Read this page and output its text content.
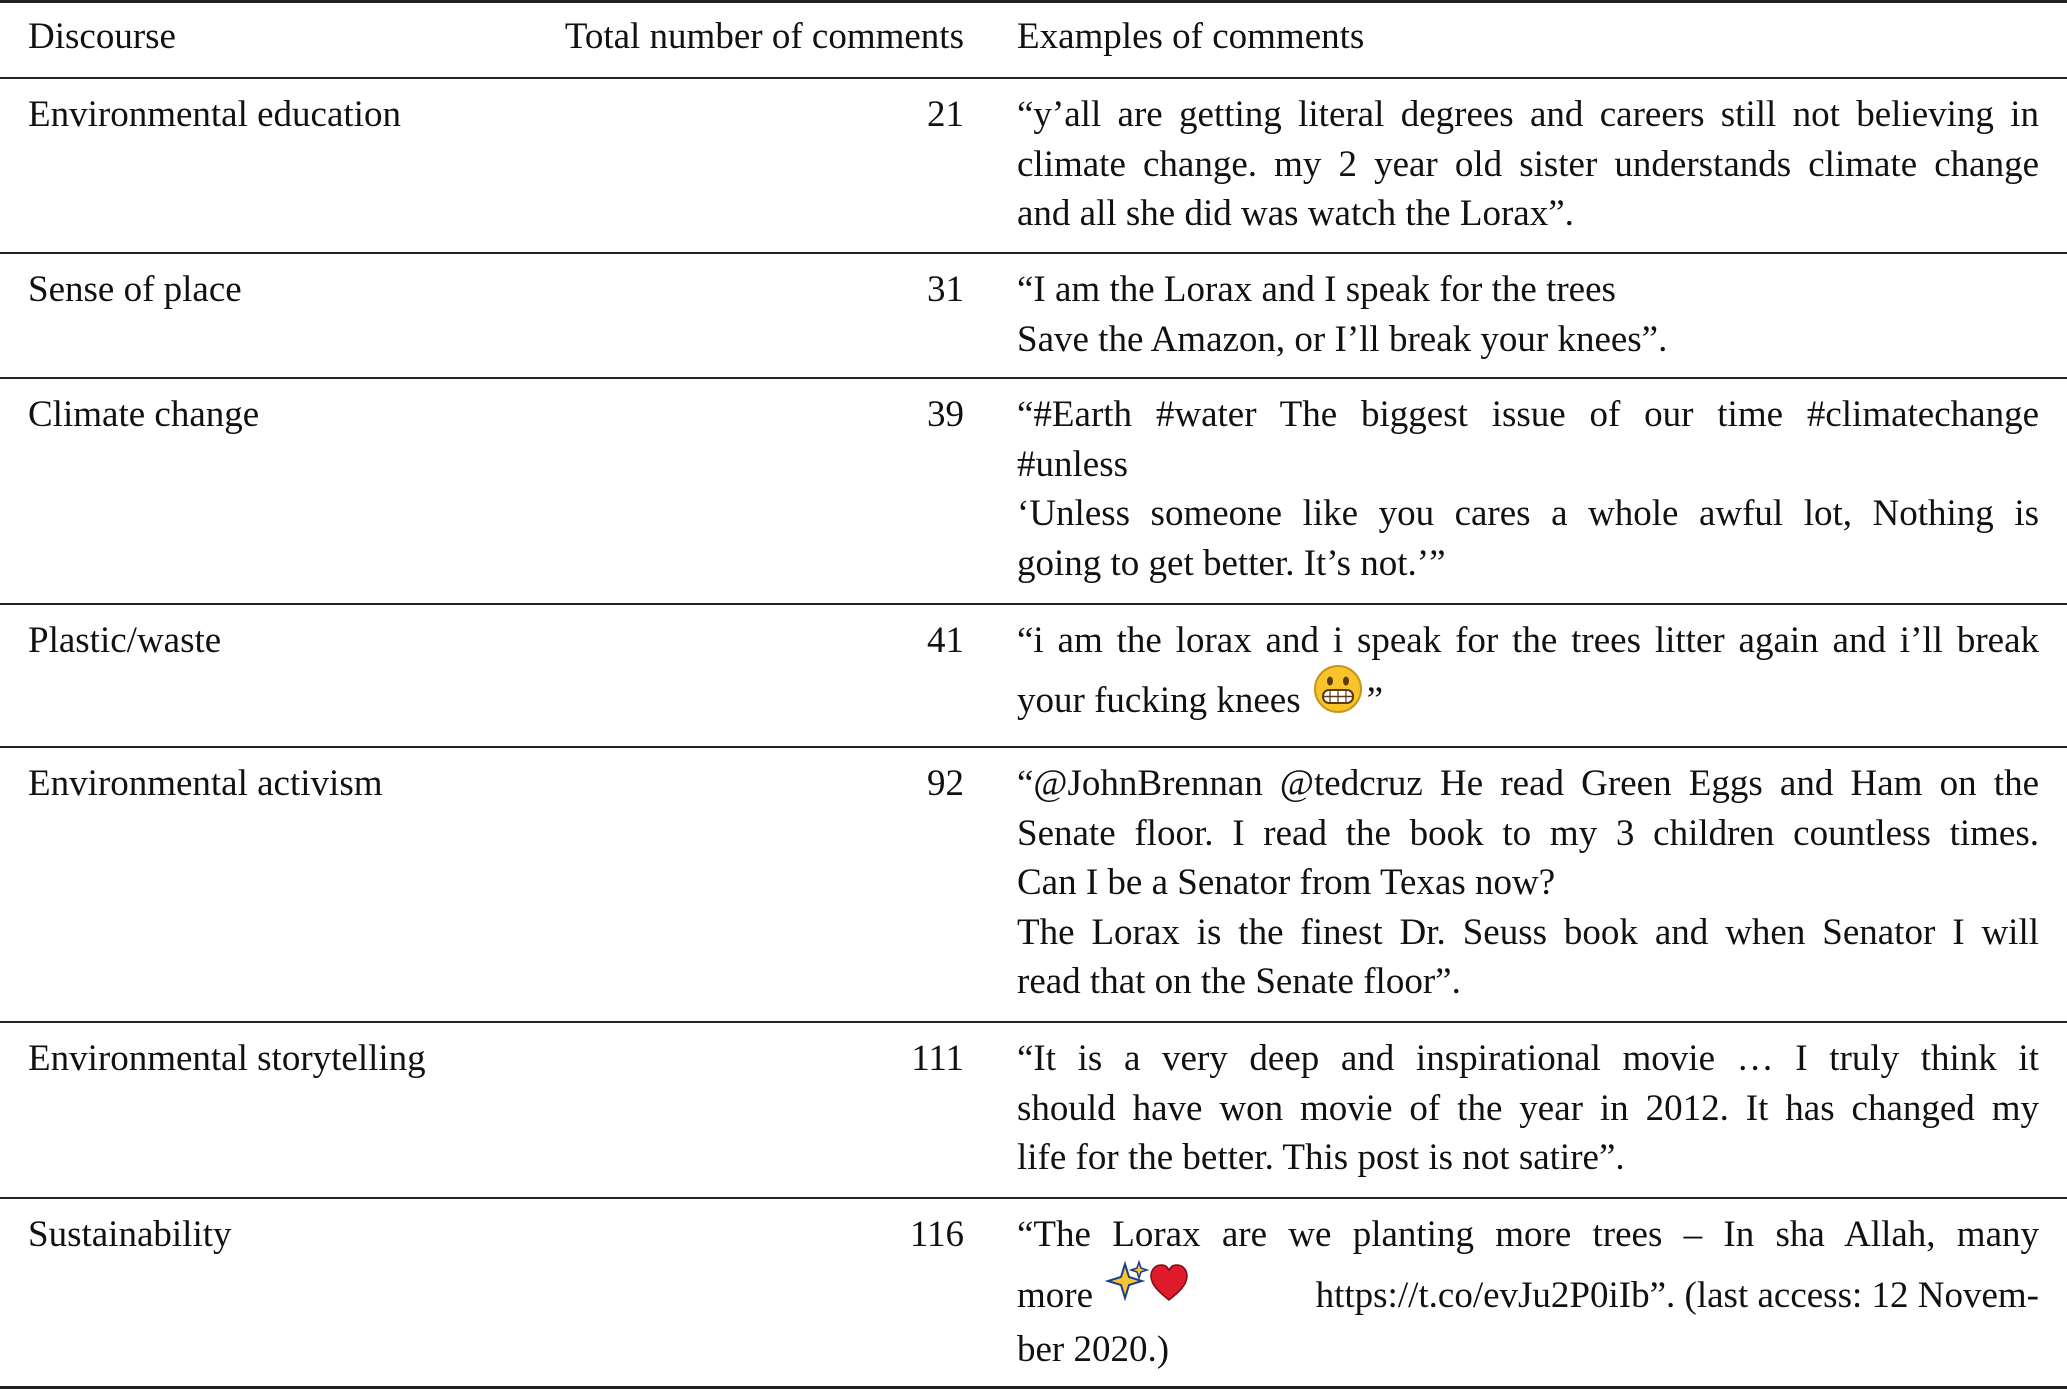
Discourse	Total number of comments Examples of comments
Environmental education	21 “y’all are getting literal degrees and careers still not believing in
climate change. my 2 year old sister understands climate change
and all she did was watch the Lorax”.
Sense of place	31 “I am the Lorax and I speak for the trees
Save the Amazon, or I’ll break your knees”.
Climate change	39 “#Earth #water The biggest issue of our time #climatechange
#unless
‘Unless someone like you cares a whole awful lot, Nothing is
going to get better. It’s not.’”
Plastic/waste	41 “i am the lorax and i speak for the trees litter again and i’ll break
your fucking knees ”
Environmental activism	92 “@JohnBrennan @tedcruz He read Green Eggs and Ham on the
Senate floor. I read the book to my 3 children countless times.
Can I be a Senator from Texas now?
The Lorax is the finest Dr. Seuss book and when Senator I will
read that on the Senate floor”.
Environmental storytelling	111 “It is a very deep and inspirational movie … I truly think it
should have won movie of the year in 2012. It has changed my
life for the better. This post is not satire”.
Sustainability	116 “The Lorax are we planting more trees – In sha Allah, many
more	https://t.co/evJu2P0iIb”. (last access: 12 Novem-
ber 2020.)
